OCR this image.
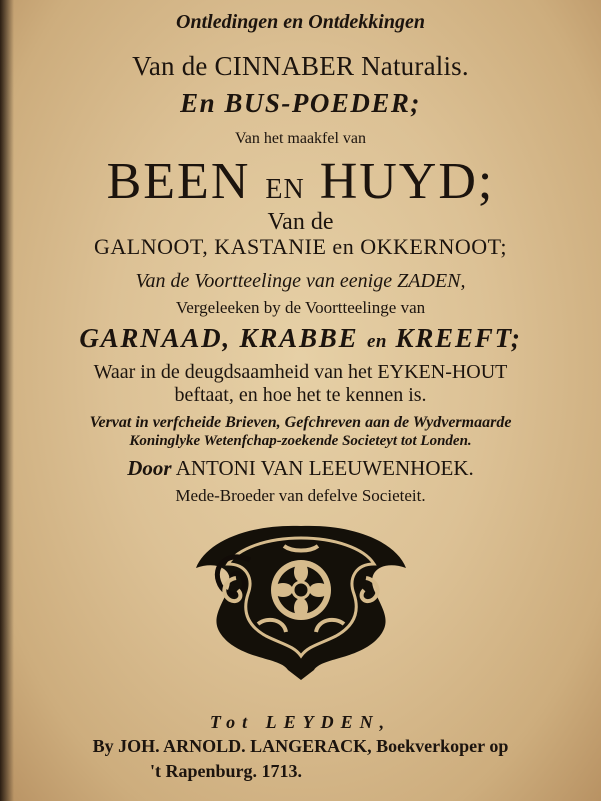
Ontledingen en Ontdekkingen
Van de CINNABER Naturalis.
En BUS-POEDER;
Van het maakfel van
BEEN EN HUYD;
Van de
GALNOOT, KASTANIE en OKKERNOOT;
Van de Voortteelinge van eenige ZADEN,
Vergeleeken by de Voortteelinge van
GARNAAD, KRABBE en KREEFT;
Waar in de deugdsaamheid van het EYKEN-HOUT
beftaat, en hoe het te kennen is.
Vervat in verfcheide Brieven, Gefchreven aan de Wydvermaarde
Koninglyke Wetenfchap-zoekende Societeyt tot Londen.
Door ANTONI VAN LEEUWENHOEK.
Mede-Broeder van defelve Societeit.
Tot LEYDEN,
By JOH. ARNOLD. LANGERACK, Boekverkoper op
't Rapenburg. 1713.
